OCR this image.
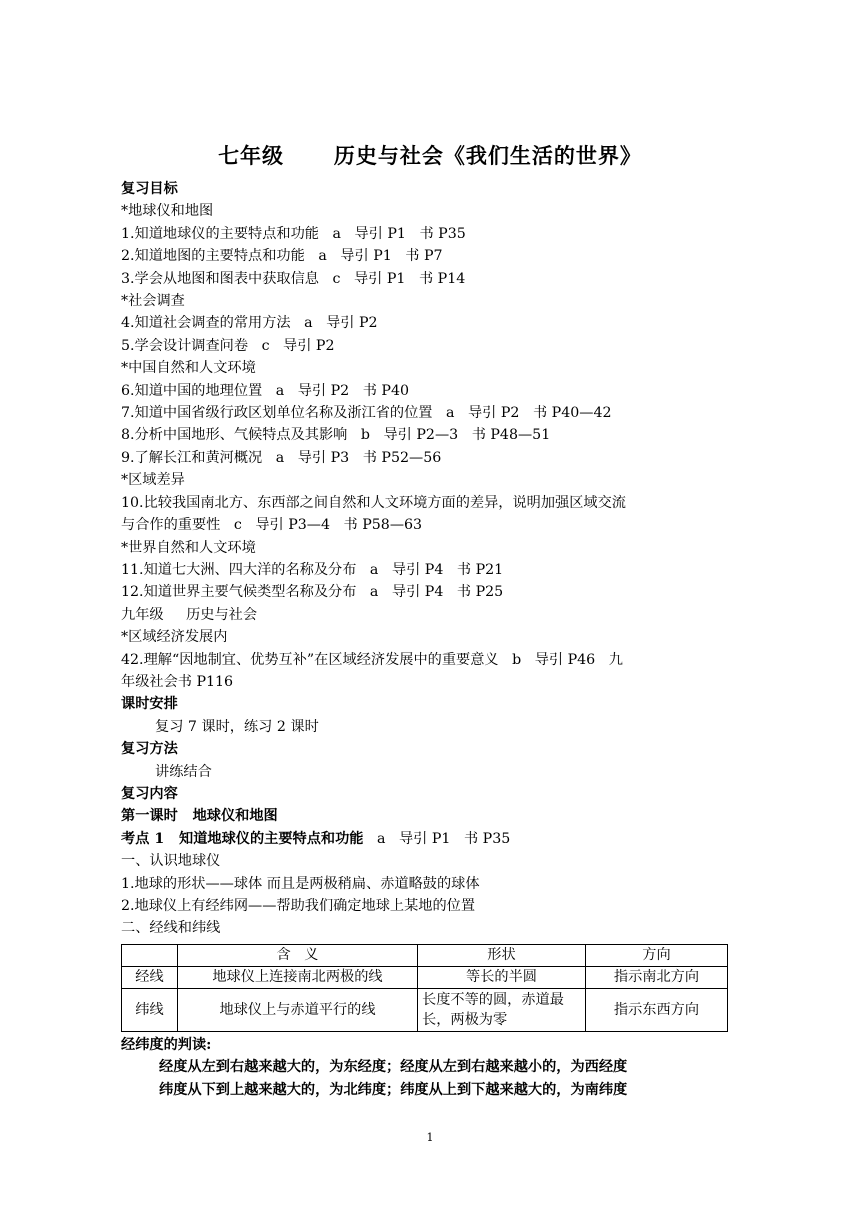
七年级      历史与社会《我们生活的世界》
复习目标
*地球仪和地图
1.知道地球仪的主要特点和功能   a   导引 P1   书 P35
2.知道地图的主要特点和功能   a   导引 P1   书 P7
3.学会从地图和图表中获取信息   c   导引 P1   书 P14
*社会调查
4.知道社会调查的常用方法   a   导引 P2
5.学会设计调查问卷   c   导引 P2
*中国自然和人文环境
6.知道中国的地理位置   a   导引 P2   书 P40
7.知道中国省级行政区划单位名称及浙江省的位置   a   导引 P2   书 P40—42
8.分析中国地形、气候特点及其影响   b   导引 P2—3   书 P48—51
9.了解长江和黄河概况   a   导引 P3   书 P52—56
*区域差异
10.比较我国南北方、东西部之间自然和人文环境方面的差异，说明加强区域交流
与合作的重要性   c   导引 P3—4   书 P58—63
*世界自然和人文环境
11.知道七大洲、四大洋的名称及分布   a   导引 P4   书 P21
12.知道世界主要气候类型名称及分布   a   导引 P4   书 P25
九年级     历史与社会
*区域经济发展内
42.理解“因地制宜、优势互补”在区域经济发展中的重要意义   b   导引 P46   九
年级社会书 P116
课时安排
复习 7 课时，练习 2 课时
复习方法
讲练结合
复习内容
第一课时   地球仪和地图
考点 1   知道地球仪的主要特点和功能   a   导引 P1   书 P35
一、认识地球仪
1.地球的形状——球体 而且是两极稍扁、赤道略鼓的球体
2.地球仪上有经纬网——帮助我们确定地球上某地的位置
二、经线和纬线
	含   义	形状	方向
经线	地球仪上连接南北两极的线	等长的半圆	指示南北方向
纬线	地球仪上与赤道平行的线	长度不等的圆，赤道最长，两极为零	指示东西方向
经纬度的判读:
经度从左到右越来越大的，为东经度；经度从左到右越来越小的，为西经度
纬度从下到上越来越大的，为北纬度；纬度从上到下越来越大的，为南纬度
1
